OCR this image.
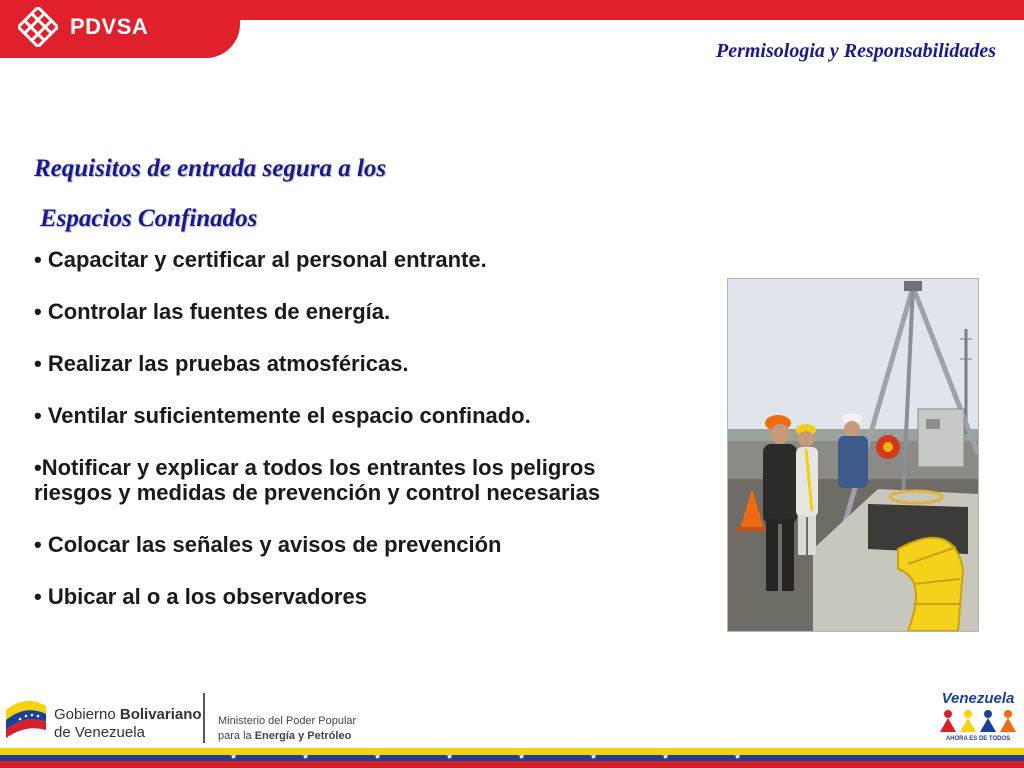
PDVSA
Permisologia y Responsabilidades
Requisitos de entrada segura a los
Espacios Confinados
• Capacitar y certificar al personal entrante.
• Controlar las fuentes de energía.
• Realizar las pruebas atmosféricas.
• Ventilar suficientemente el espacio confinado.
•Notificar y explicar a todos los entrantes los peligros riesgos y medidas de prevención y control necesarias
• Colocar las señales y avisos de prevención
• Ubicar al o a los observadores
Gobierno Bolivariano
de Venezuela
Ministerio del Poder Popular
para la Energía y Petróleo
Venezuela
AHORA ES DE TODOS
★	★	★	★	★	★	★	★
